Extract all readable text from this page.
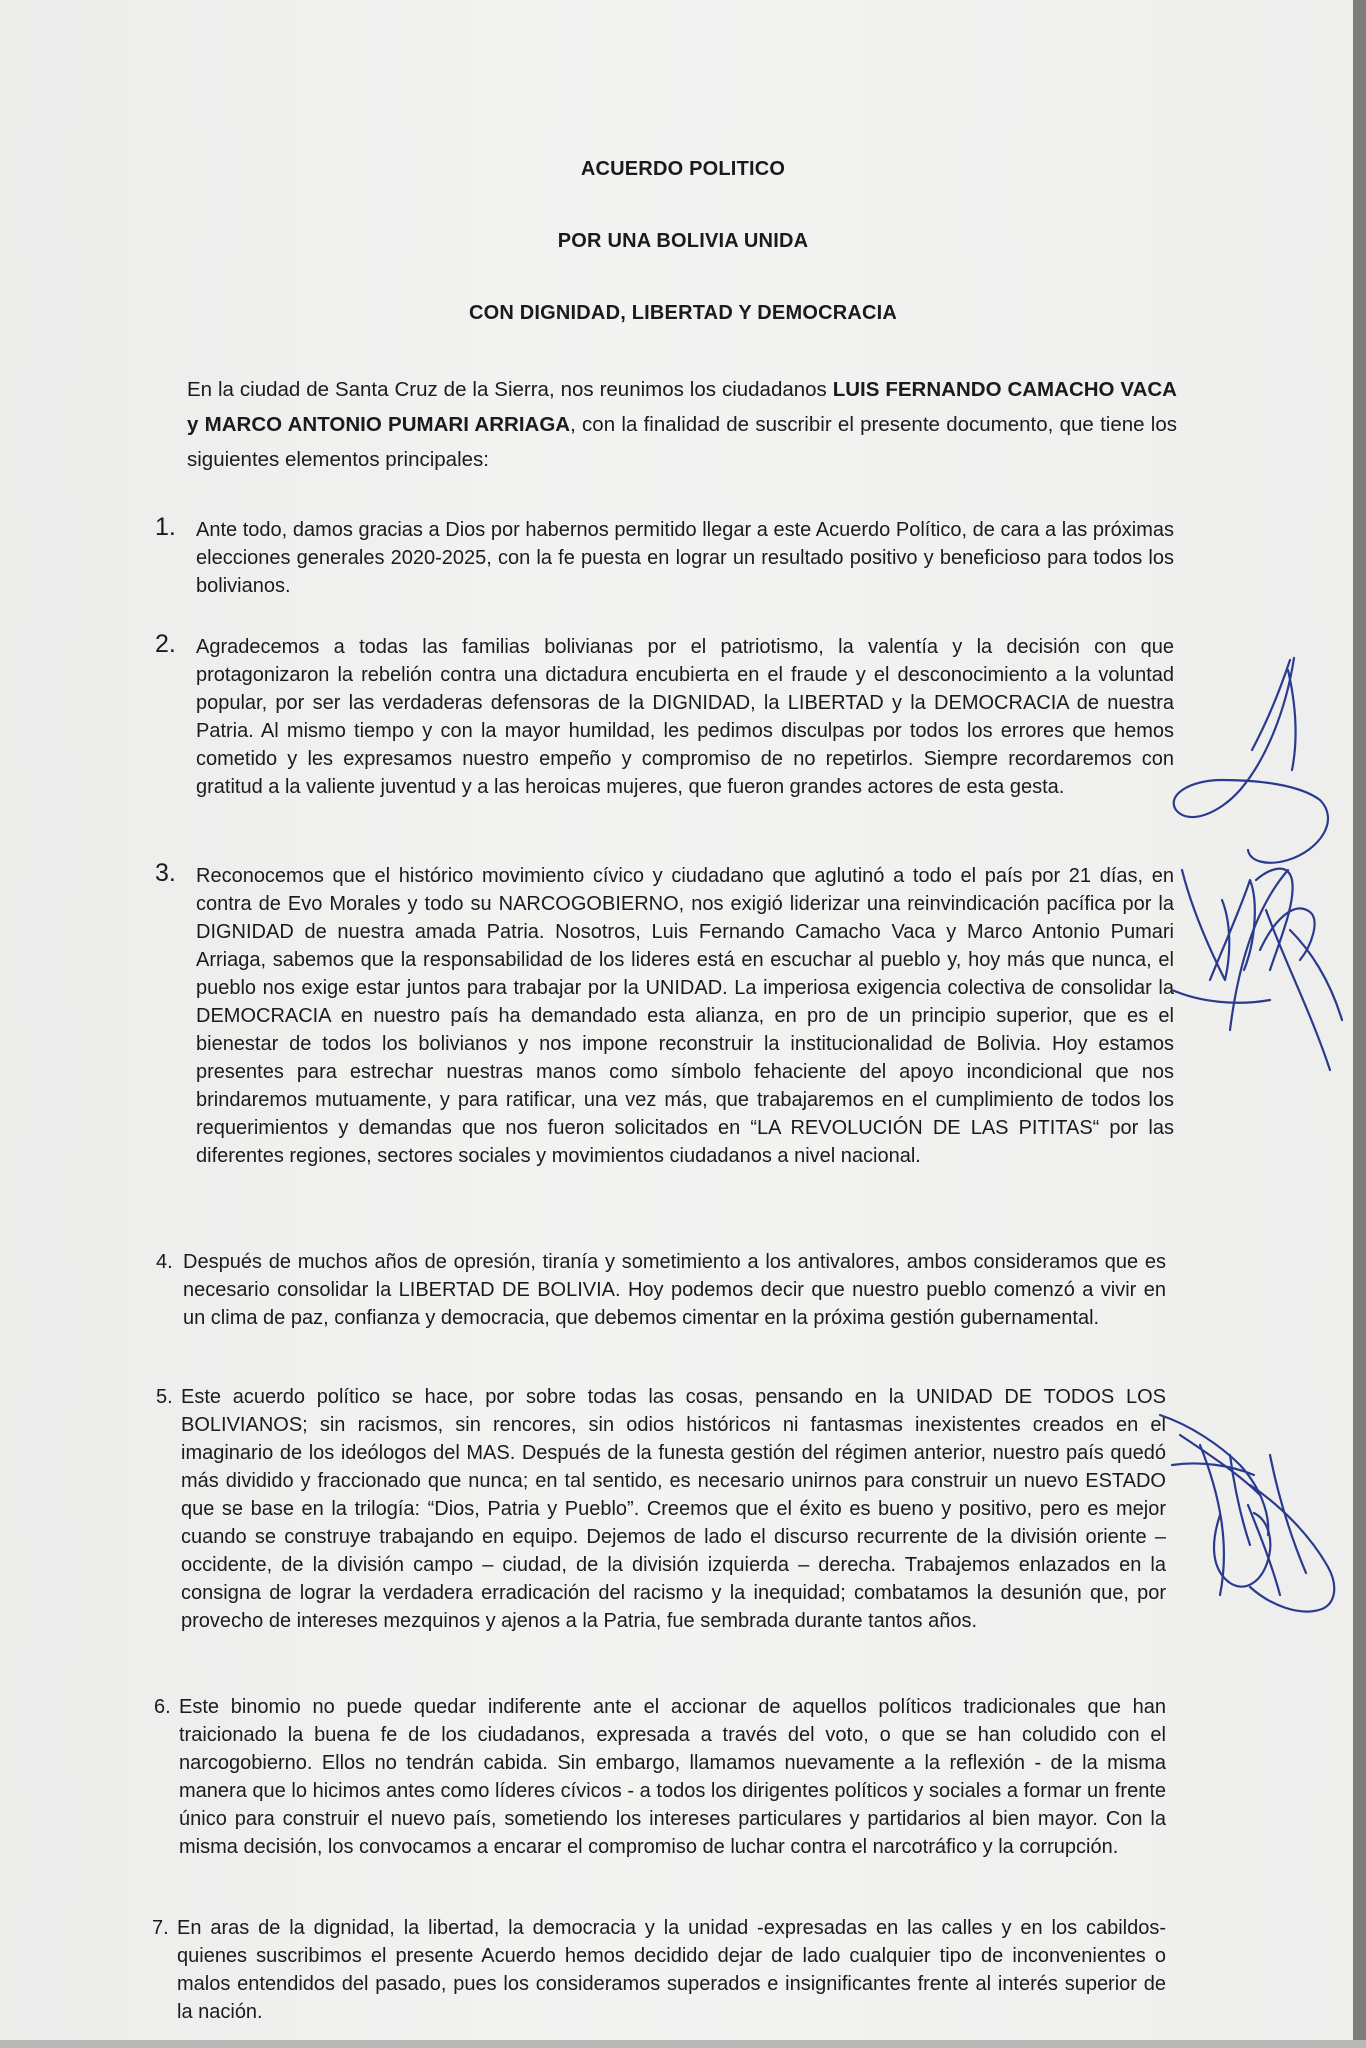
ACUERDO POLITICO
POR UNA BOLIVIA UNIDA
CON DIGNIDAD, LIBERTAD Y DEMOCRACIA
En la ciudad de Santa Cruz de la Sierra, nos reunimos los ciudadanos LUIS FERNANDO CAMACHO VACA y MARCO ANTONIO PUMARI ARRIAGA, con la finalidad de suscribir el presente documento, que tiene los siguientes elementos principales:
1. Ante todo, damos gracias a Dios por habernos permitido llegar a este Acuerdo Político, de cara a las próximas elecciones generales 2020-2025, con la fe puesta en lograr un resultado positivo y beneficioso para todos los bolivianos.
2. Agradecemos a todas las familias bolivianas por el patriotismo, la valentía y la decisión con que protagonizaron la rebelión contra una dictadura encubierta en el fraude y el desconocimiento a la voluntad popular, por ser las verdaderas defensoras de la DIGNIDAD, la LIBERTAD y la DEMOCRACIA de nuestra Patria. Al mismo tiempo y con la mayor humildad, les pedimos disculpas por todos los errores que hemos cometido y les expresamos nuestro empeño y compromiso de no repetirlos. Siempre recordaremos con gratitud a la valiente juventud y a las heroicas mujeres, que fueron grandes actores de esta gesta.
3. Reconocemos que el histórico movimiento cívico y ciudadano que aglutinó a todo el país por 21 días, en contra de Evo Morales y todo su NARCOGOBIERNO, nos exigió liderizar una reinvindicación pacífica por la DIGNIDAD de nuestra amada Patria. Nosotros, Luis Fernando Camacho Vaca y Marco Antonio Pumari Arriaga, sabemos que la responsabilidad de los lideres está en escuchar al pueblo y, hoy más que nunca, el pueblo nos exige estar juntos para trabajar por la UNIDAD. La imperiosa exigencia colectiva de consolidar la DEMOCRACIA en nuestro país ha demandado esta alianza, en pro de un principio superior, que es el bienestar de todos los bolivianos y nos impone reconstruir la institucionalidad de Bolivia. Hoy estamos presentes para estrechar nuestras manos como símbolo fehaciente del apoyo incondicional que nos brindaremos mutuamente, y para ratificar, una vez más, que trabajaremos en el cumplimiento de todos los requerimientos y demandas que nos fueron solicitados en “LA REVOLUCIÓN DE LAS PITITAS“ por las diferentes regiones, sectores sociales y movimientos ciudadanos a nivel nacional.
4. Después de muchos años de opresión, tiranía y sometimiento a los antivalores, ambos consideramos que es necesario consolidar la LIBERTAD DE BOLIVIA. Hoy podemos decir que nuestro pueblo comenzó a vivir en un clima de paz, confianza y democracia, que debemos cimentar en la próxima gestión gubernamental.
5. Este acuerdo político se hace, por sobre todas las cosas, pensando en la UNIDAD DE TODOS LOS BOLIVIANOS; sin racismos, sin rencores, sin odios históricos ni fantasmas inexistentes creados en el imaginario de los ideólogos del MAS. Después de la funesta gestión del régimen anterior, nuestro país quedó más dividido y fraccionado que nunca; en tal sentido, es necesario unirnos para construir un nuevo ESTADO que se base en la trilogía: “Dios, Patria y Pueblo”. Creemos que el éxito es bueno y positivo, pero es mejor cuando se construye trabajando en equipo. Dejemos de lado el discurso recurrente de la división oriente – occidente, de la división campo – ciudad, de la división izquierda – derecha. Trabajemos enlazados en la consigna de lograr la verdadera erradicación del racismo y la inequidad; combatamos la desunión que, por provecho de intereses mezquinos y ajenos a la Patria, fue sembrada durante tantos años.
6. Este binomio no puede quedar indiferente ante el accionar de aquellos políticos tradicionales que han traicionado la buena fe de los ciudadanos, expresada a través del voto, o que se han coludido con el narcogobierno. Ellos no tendrán cabida. Sin embargo, llamamos nuevamente a la reflexión - de la misma manera que lo hicimos antes como líderes cívicos - a todos los dirigentes políticos y sociales a formar un frente único para construir el nuevo país, sometiendo los intereses particulares y partidarios al bien mayor. Con la misma decisión, los convocamos a encarar el compromiso de luchar contra el narcotráfico y la corrupción.
7. En aras de la dignidad, la libertad, la democracia y la unidad -expresadas en las calles y en los cabildos- quienes suscribimos el presente Acuerdo hemos decidido dejar de lado cualquier tipo de inconvenientes o malos entendidos del pasado, pues los consideramos superados e insignificantes frente al interés superior de la nación.
